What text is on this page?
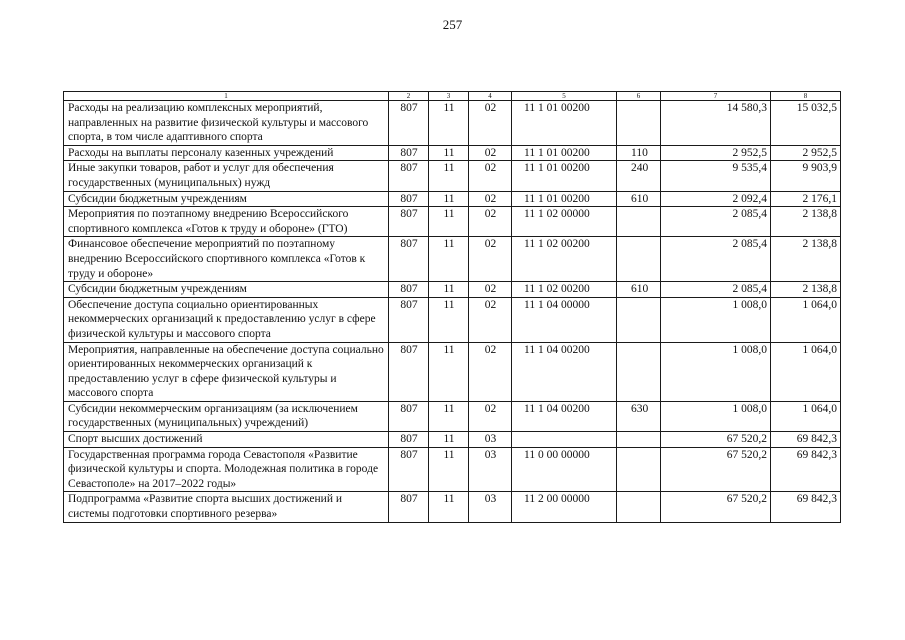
257
1	2	3	4	5	6	7	8
Расходы на реализацию комплексных мероприятий, направленных на развитие физической культуры и массового спорта, в том числе адаптивного спорта	807	11	02	11 1 01 00200		14 580,3	15 032,5
Расходы на выплаты персоналу казенных учреждений	807	11	02	11 1 01 00200	110	2 952,5	2 952,5
Иные закупки товаров, работ и услуг для обеспечения государственных (муниципальных) нужд	807	11	02	11 1 01 00200	240	9 535,4	9 903,9
Субсидии бюджетным учреждениям	807	11	02	11 1 01 00200	610	2 092,4	2 176,1
Мероприятия по поэтапному внедрению Всероссийского спортивного комплекса «Готов к труду и обороне» (ГТО)	807	11	02	11 1 02 00000		2 085,4	2 138,8
Финансовое обеспечение мероприятий по поэтапному внедрению Всероссийского спортивного комплекса «Готов к труду и обороне»	807	11	02	11 1 02 00200		2 085,4	2 138,8
Субсидии бюджетным учреждениям	807	11	02	11 1 02 00200	610	2 085,4	2 138,8
Обеспечение доступа социально ориентированных некоммерческих организаций к предоставлению услуг в сфере физической культуры и массового спорта	807	11	02	11 1 04 00000		1 008,0	1 064,0
Мероприятия, направленные на обеспечение доступа социально ориентированных некоммерческих организаций к предоставлению услуг в сфере физической культуры и массового спорта	807	11	02	11 1 04 00200		1 008,0	1 064,0
Субсидии некоммерческим организациям (за исключением государственных (муниципальных) учреждений)	807	11	02	11 1 04 00200	630	1 008,0	1 064,0
Спорт высших достижений	807	11	03			67 520,2	69 842,3
Государственная программа города Севастополя «Развитие физической культуры и спорта. Молодежная политика в городе Севастополе» на 2017–2022 годы»	807	11	03	11 0 00 00000		67 520,2	69 842,3
Подпрограмма «Развитие спорта высших достижений и системы подготовки спортивного резерва»	807	11	03	11 2 00 00000		67 520,2	69 842,3
